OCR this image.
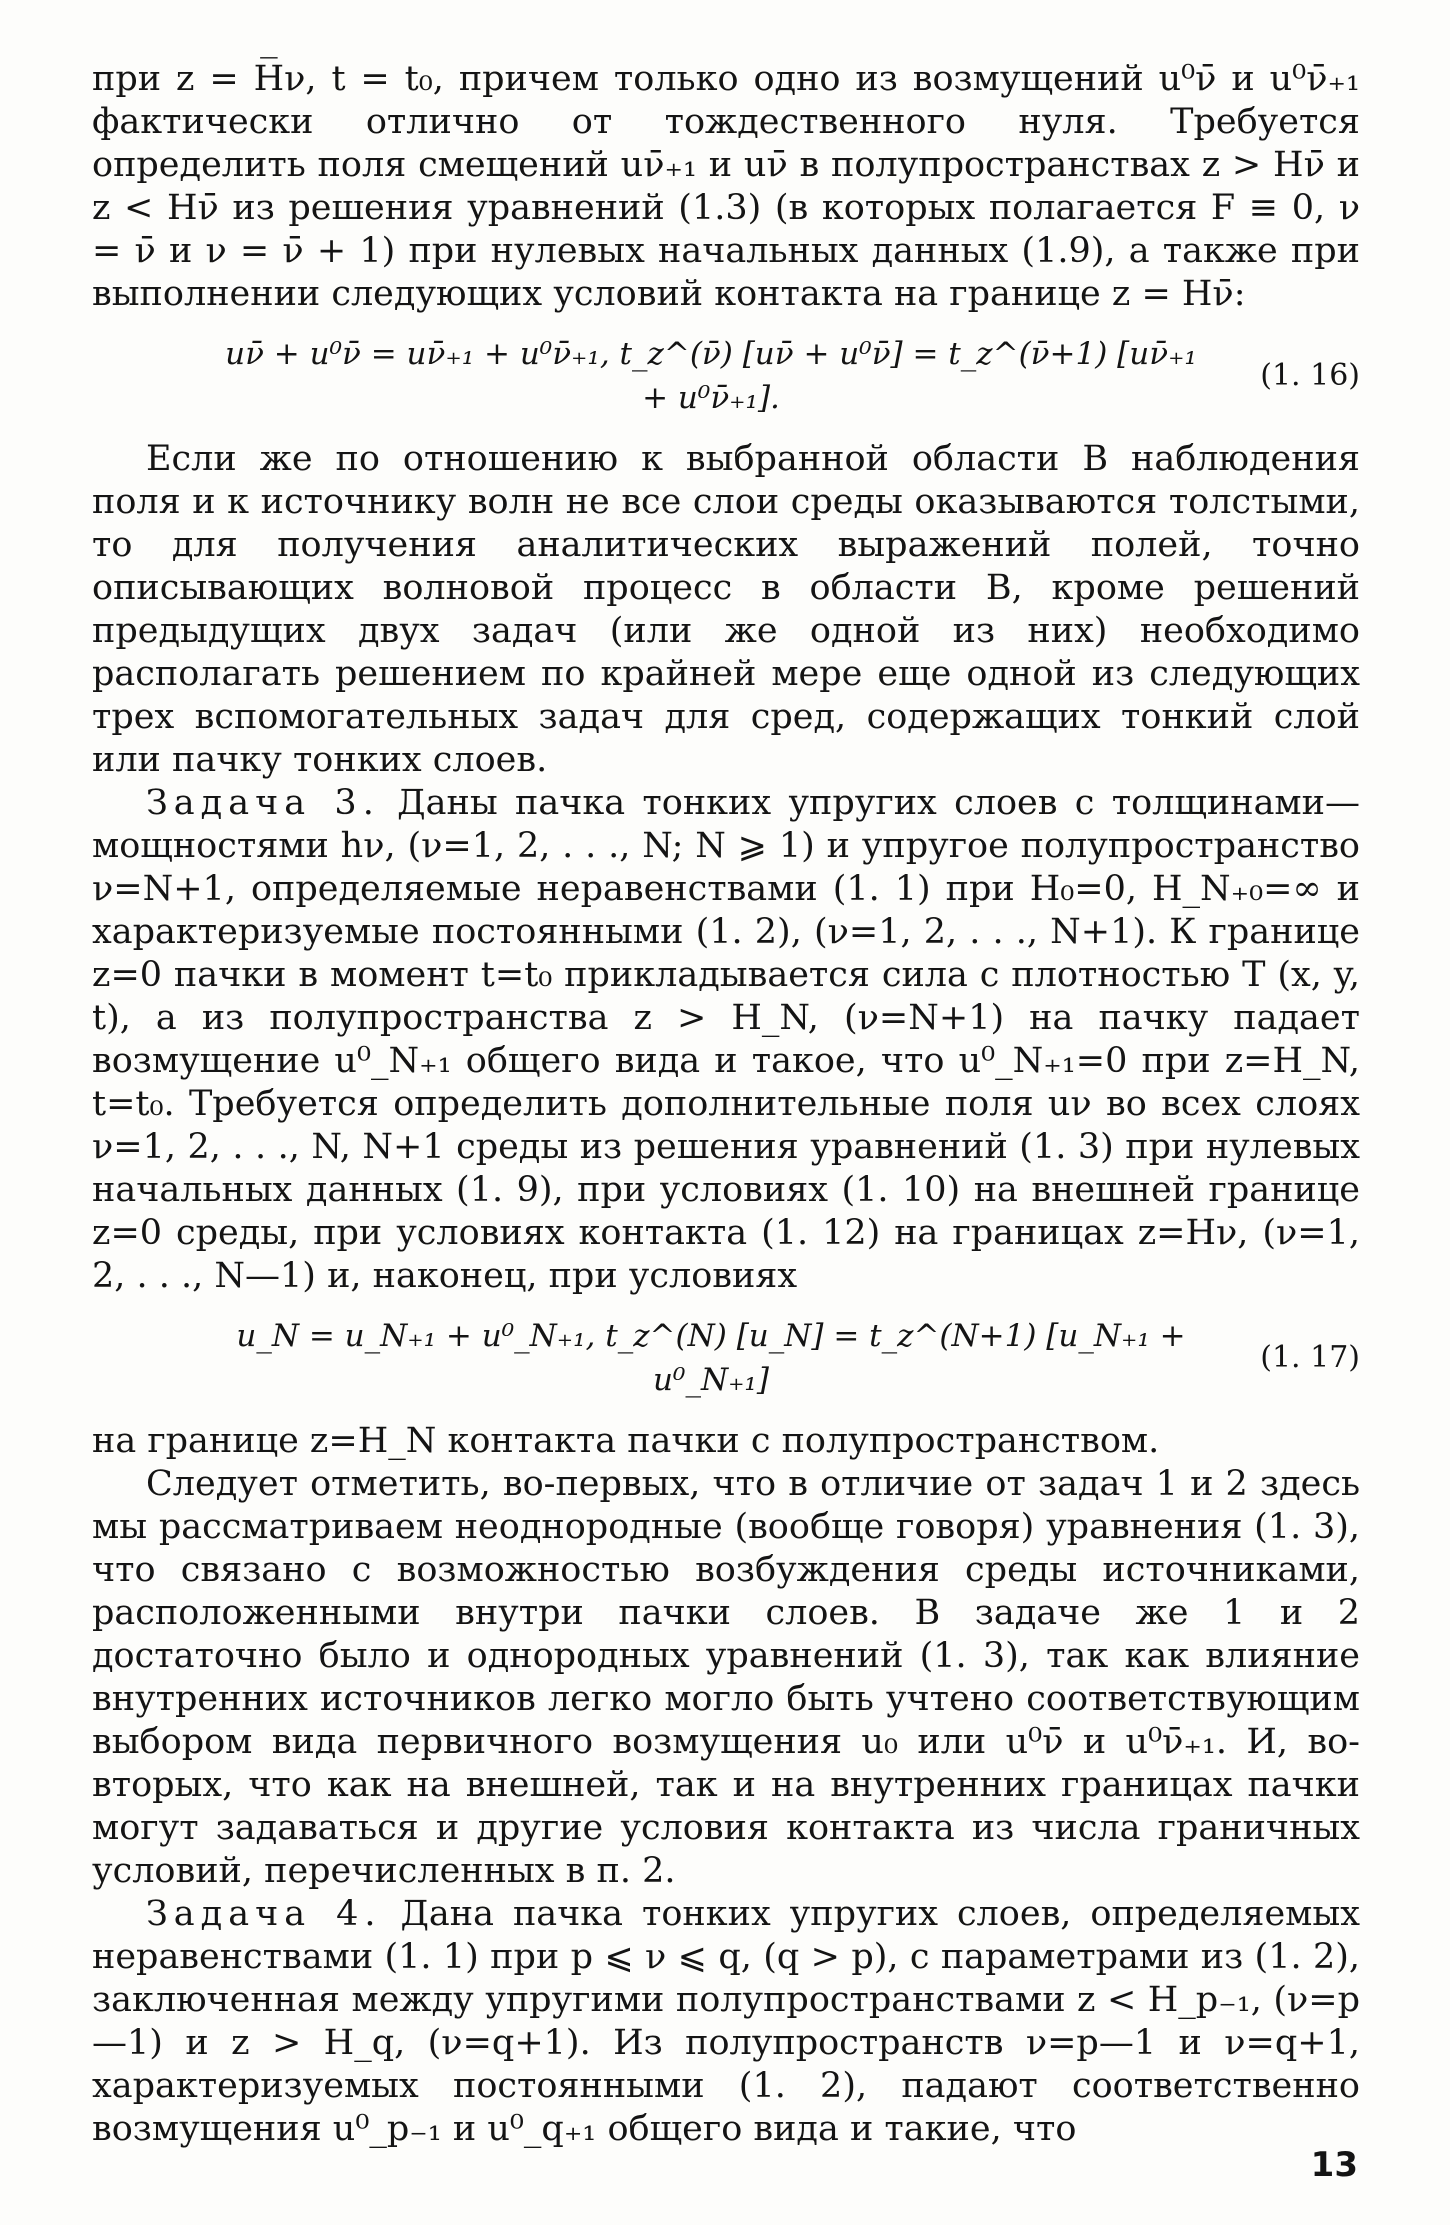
при z = H̅ν, t = t₀, причем только одно из возмущений u⁰ν̄ и u⁰ν̄₊₁ фактически отлично от тождественного нуля. Требуется определить поля смещений uν̄₊₁ и uν̄ в полупространствах z > Hν̄ и z < Hν̄ из решения уравнений (1.3) (в которых полагается F ≡ 0, ν = ν̄ и ν = ν̄ + 1) при нулевых начальных данных (1.9), а также при выполнении следующих условий контакта на границе z = Hν̄:

uν̄ + u⁰ν̄ = uν̄₊₁ + u⁰ν̄₊₁, t_z^(ν̄) [uν̄ + u⁰ν̄] = t_z^(ν̄+1) [uν̄₊₁ + u⁰ν̄₊₁].
(1. 16)

Если же по отношению к выбранной области B наблюдения поля и к источнику волн не все слои среды оказываются толстыми, то для получения аналитических выражений полей, точно описывающих волновой процесс в области B, кроме решений предыдущих двух задач (или же одной из них) необходимо располагать решением по крайней мере еще одной из следующих трех вспомогательных задач для сред, содержащих тонкий слой или пачку тонких слоев.

Задача 3. Даны пачка тонких упругих слоев с толщинами—мощностями hν, (ν=1, 2, . . ., N; N ⩾ 1) и упругое полупространство ν=N+1, определяемые неравенствами (1. 1) при H₀=0, H_N₊₀=∞ и характеризуемые постоянными (1. 2), (ν=1, 2, . . ., N+1). К границе z=0 пачки в момент t=t₀ прикладывается сила с плотностью T (x, y, t), а из полупространства z > H_N, (ν=N+1) на пачку падает возмущение u⁰_N₊₁ общего вида и такое, что u⁰_N₊₁=0 при z=H_N, t=t₀. Требуется определить дополнительные поля uν во всех слоях ν=1, 2, . . ., N, N+1 среды из решения уравнений (1. 3) при нулевых начальных данных (1. 9), при условиях (1. 10) на внешней границе z=0 среды, при условиях контакта (1. 12) на границах z=Hν, (ν=1, 2, . . ., N—1) и, наконец, при условиях

u_N = u_N₊₁ + u⁰_N₊₁, t_z^(N) [u_N] = t_z^(N+1) [u_N₊₁ + u⁰_N₊₁]
(1. 17)

на границе z=H_N контакта пачки с полупространством.

Следует отметить, во-первых, что в отличие от задач 1 и 2 здесь мы рассматриваем неоднородные (вообще говоря) уравнения (1. 3), что связано с возможностью возбуждения среды источниками, расположенными внутри пачки слоев. В задаче же 1 и 2 достаточно было и однородных уравнений (1. 3), так как влияние внутренних источников легко могло быть учтено соответствующим выбором вида первичного возмущения u₀ или u⁰ν̄ и u⁰ν̄₊₁. И, во-вторых, что как на внешней, так и на внутренних границах пачки могут задаваться и другие условия контакта из числа граничных условий, перечисленных в п. 2.

Задача 4. Дана пачка тонких упругих слоев, определяемых неравенствами (1. 1) при p ⩽ ν ⩽ q, (q > p), с параметрами из (1. 2), заключенная между упругими полупространствами z < H_p₋₁, (ν=p—1) и z > H_q, (ν=q+1). Из полупространств ν=p—1 и ν=q+1, характеризуемых постоянными (1. 2), падают соответственно возмущения u⁰_p₋₁ и u⁰_q₊₁ общего вида и такие, что

13
